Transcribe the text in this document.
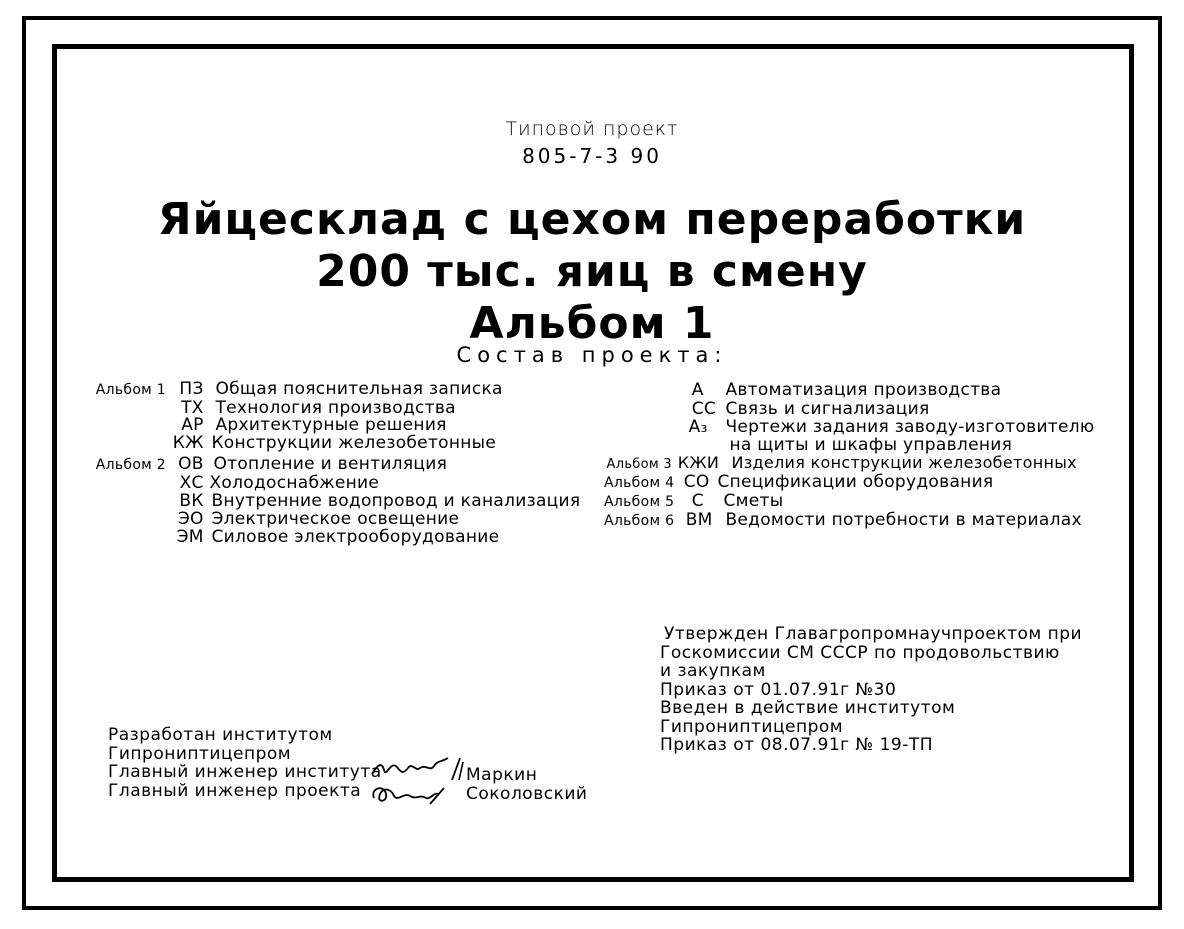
Типовой проект
805-7-3 90
Яйцесклад с цехом переработки
200 тыс. яиц в смену
Альбом 1
Состав проекта:
Альбом 1 ПЗ Общая пояснительная записка
ТХ Технология производства
АР Архитектурные решения
КЖ Конструкции железобетонные
Альбом 2 ОВ Отопление и вентиляция
ХС Холодоснабжение
ВК Внутренние водопровод и канализация
ЭО Электрическое освещение
ЭМ Силовое электрооборудование
А Автоматизация производства
СС Связь и сигнализация
А₃ Чертежи задания заводу-изготовителю
на щиты и шкафы управления
Альбом 3 КЖИ Изделия конструкции железобетонных
Альбом 4 СО Спецификации оборудования
Альбом 5 С Сметы
Альбом 6 ВМ Ведомости потребности в материалах
Утвержден Главагропромнаучпроектом при
Госкомиссии СМ СССР по продовольствию
и закупкам
Приказ от 01.07.91г №30
Введен в действие институтом
Гипрониптицепром
Приказ от 08.07.91г № 19-ТП
Разработан институтом
Гипрониптицепром
Главный инженер института
Главный инженер проекта
Маркин
Соколовский
